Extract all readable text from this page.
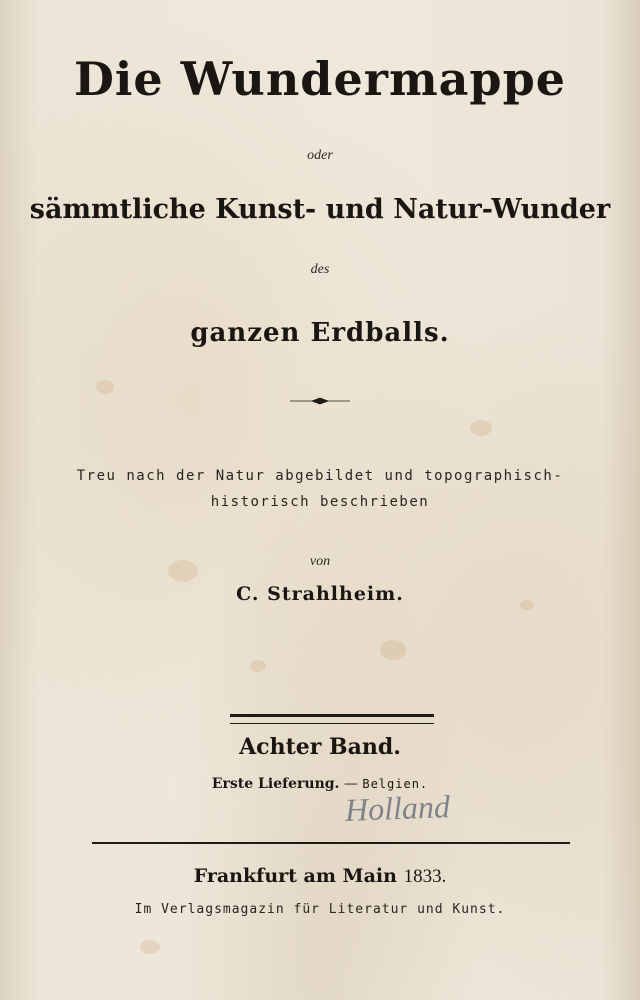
Die Wundermappe
oder
sämmtliche Kunst- und Natur-Wunder
des
ganzen Erdballs.
Treu nach der Natur abgebildet und topographisch-
historisch beschrieben
von
C. Strahlheim.
Achter Band.
Erste Lieferung. — Belgien.
Holland
Frankfurt am Main 1833.
Im Verlagsmagazin für Literatur und Kunst.
